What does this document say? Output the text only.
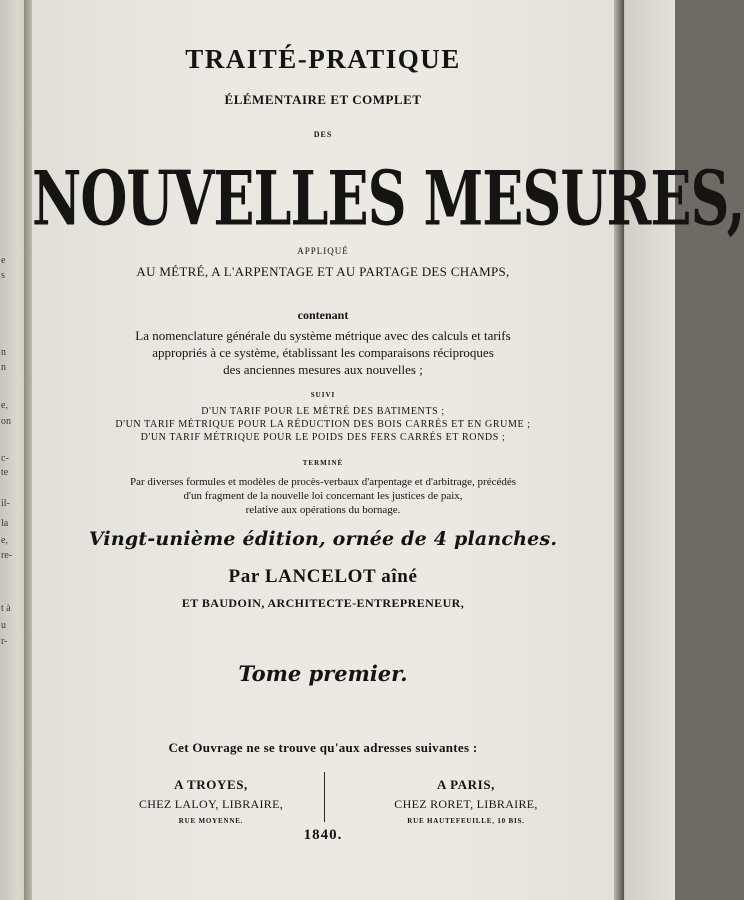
e
s
n
n
e,
on
c-
te
il-
la
e,
re-
t à
u
r-
TRAITÉ-PRATIQUE
ÉLÉMENTAIRE ET COMPLET
DES
NOUVELLES MESURES,
APPLIQUÉ
AU MÉTRÉ, A L'ARPENTAGE ET AU PARTAGE DES CHAMPS,
contenant
La nomenclature générale du système métrique avec des calculs et tarifs
appropriés à ce système, établissant les comparaisons réciproques
des anciennes mesures aux nouvelles ;
SUIVI
D'UN TARIF POUR LE MÉTRÉ DES BATIMENTS ;
D'UN TARIF MÉTRIQUE POUR LA RÉDUCTION DES BOIS CARRÉS ET EN GRUME ;
D'UN TARIF MÉTRIQUE POUR LE POIDS DES FERS CARRÉS ET RONDS ;
TERMINÉ
Par diverses formules et modèles de procès-verbaux d'arpentage et d'arbitrage, précédés
d'un fragment de la nouvelle loi concernant les justices de paix,
relative aux opérations du bornage.
Vingt-unième édition, ornée de 4 planches.
Par LANCELOT aîné
ET BAUDOIN, ARCHITECTE-ENTREPRENEUR,
Tome premier.
Cet Ouvrage ne se trouve qu'aux adresses suivantes :
A TROYES,
CHEZ LALOY, LIBRAIRE,
RUE MOYENNE.
A PARIS,
CHEZ RORET, LIBRAIRE,
RUE HAUTEFEUILLE, 10 BIS.
1840.
